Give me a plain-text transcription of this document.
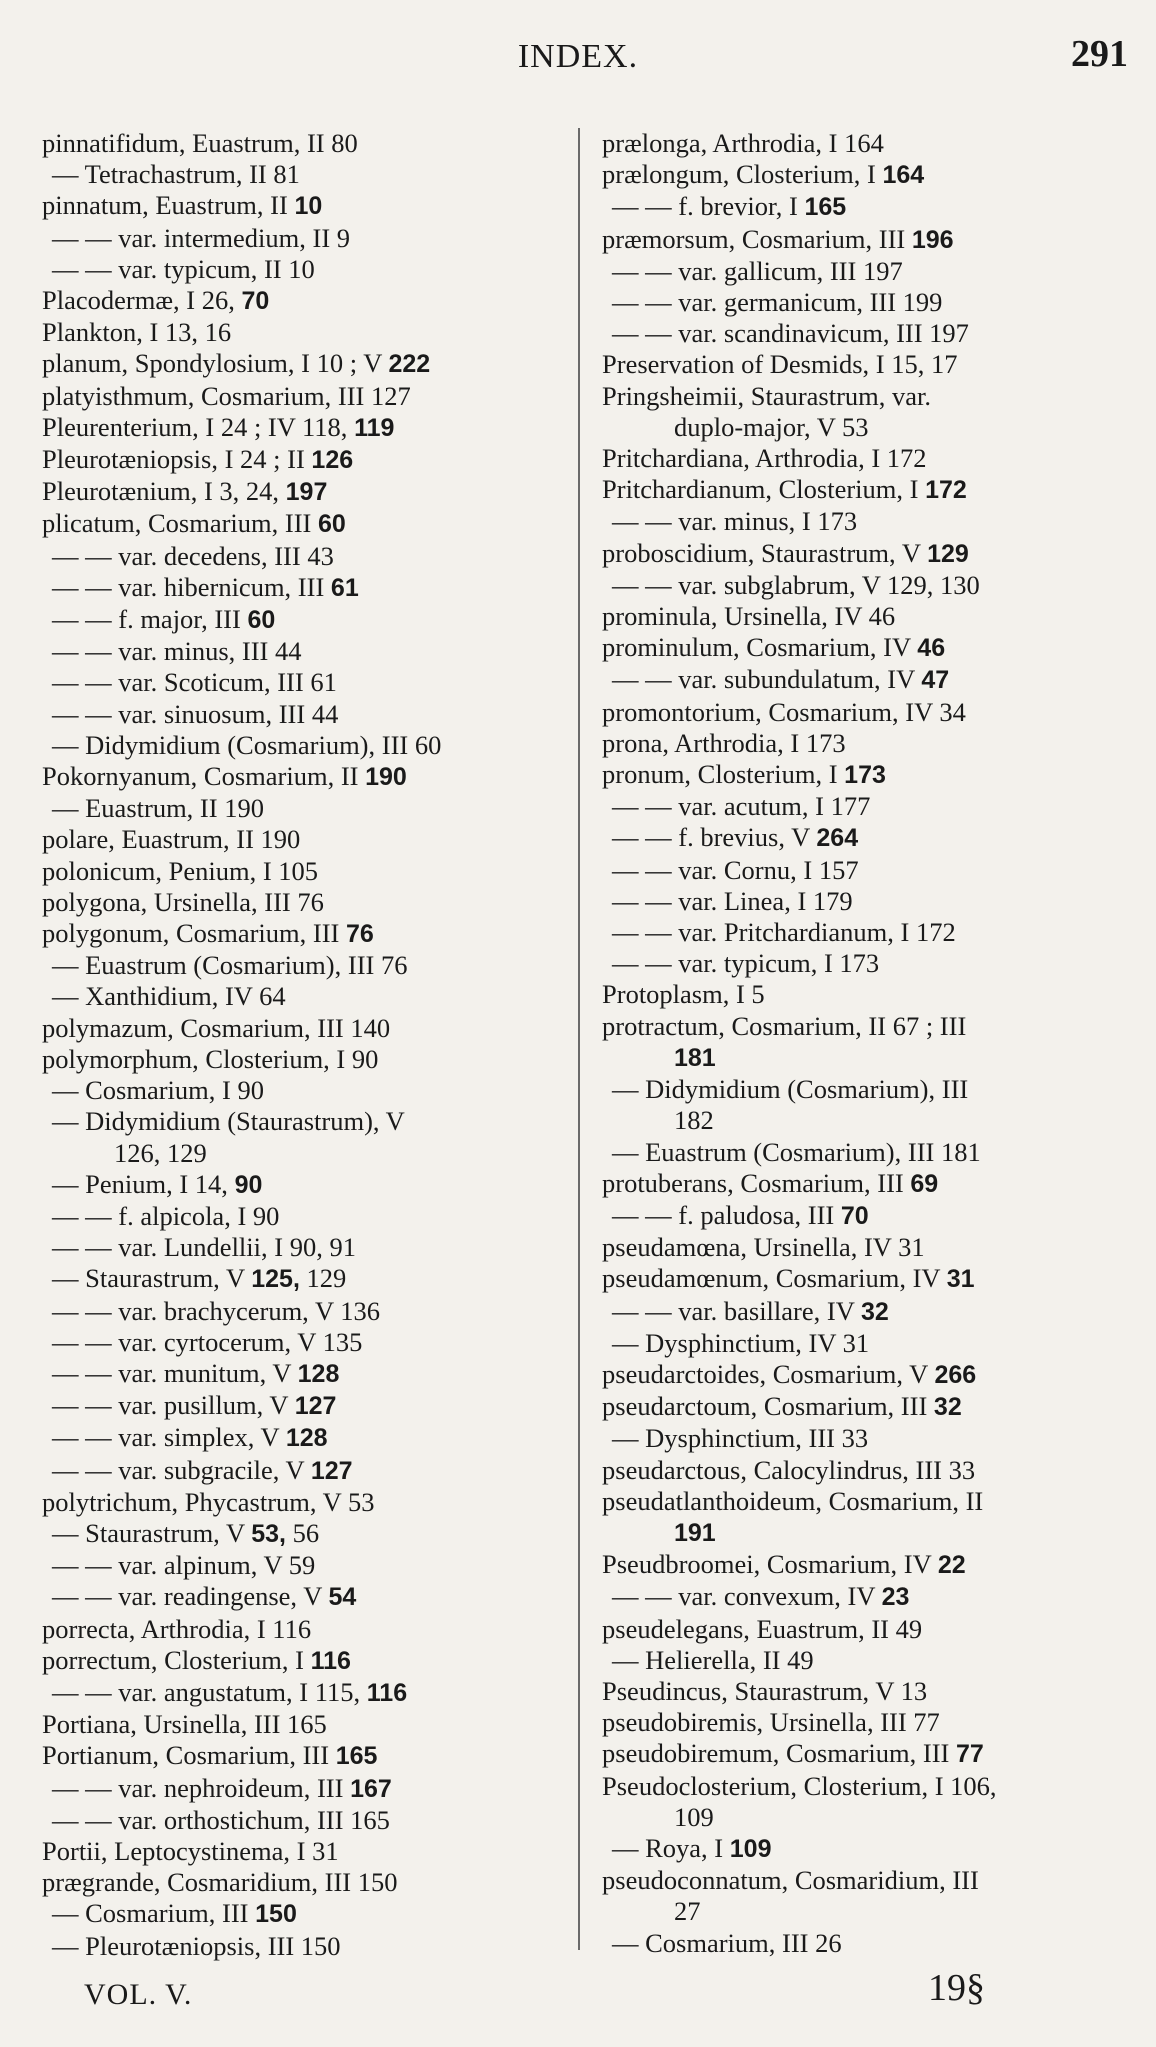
INDEX.	291
pinnatifidum, Euastrum, II 80
— Tetrachastrum, II 81
pinnatum, Euastrum, II 10
— — var. intermedium, II 9
— — var. typicum, II 10
Placodermæ, I 26, 70
Plankton, I 13, 16
planum, Spondylosium, I 10 ; V 222
platyisthmum, Cosmarium, III 127
Pleurenterium, I 24 ; IV 118, 119
Pleurotæniopsis, I 24 ; II 126
Pleurotænium, I 3, 24, 197
plicatum, Cosmarium, III 60
— — var. decedens, III 43
— — var. hibernicum, III 61
— — f. major, III 60
— — var. minus, III 44
— — var. Scoticum, III 61
— — var. sinuosum, III 44
— Didymidium (Cosmarium), III 60
Pokornyanum, Cosmarium, II 190
— Euastrum, II 190
polare, Euastrum, II 190
polonicum, Penium, I 105
polygona, Ursinella, III 76
polygonum, Cosmarium, III 76
— Euastrum (Cosmarium), III 76
— Xanthidium, IV 64
polymazum, Cosmarium, III 140
polymorphum, Closterium, I 90
— Cosmarium, I 90
— Didymidium (Staurastrum), V
126, 129
— Penium, I 14, 90
— — f. alpicola, I 90
— — var. Lundellii, I 90, 91
— Staurastrum, V 125, 129
— — var. brachycerum, V 136
— — var. cyrtocerum, V 135
— — var. munitum, V 128
— — var. pusillum, V 127
— — var. simplex, V 128
— — var. subgracile, V 127
polytrichum, Phycastrum, V 53
— Staurastrum, V 53, 56
— — var. alpinum, V 59
— — var. readingense, V 54
porrecta, Arthrodia, I 116
porrectum, Closterium, I 116
— — var. angustatum, I 115, 116
Portiana, Ursinella, III 165
Portianum, Cosmarium, III 165
— — var. nephroideum, III 167
— — var. orthostichum, III 165
Portii, Leptocystinema, I 31
prægrande, Cosmaridium, III 150
— Cosmarium, III 150
— Pleurotæniopsis, III 150
prælonga, Arthrodia, I 164
prælongum, Closterium, I 164
— — f. brevior, I 165
præmorsum, Cosmarium, III 196
— — var. gallicum, III 197
— — var. germanicum, III 199
— — var. scandinavicum, III 197
Preservation of Desmids, I 15, 17
Pringsheimii, Staurastrum, var.
duplo-major, V 53
Pritchardiana, Arthrodia, I 172
Pritchardianum, Closterium, I 172
— — var. minus, I 173
proboscidium, Staurastrum, V 129
— — var. subglabrum, V 129, 130
prominula, Ursinella, IV 46
prominulum, Cosmarium, IV 46
— — var. subundulatum, IV 47
promontorium, Cosmarium, IV 34
prona, Arthrodia, I 173
pronum, Closterium, I 173
— — var. acutum, I 177
— — f. brevius, V 264
— — var. Cornu, I 157
— — var. Linea, I 179
— — var. Pritchardianum, I 172
— — var. typicum, I 173
Protoplasm, I 5
protractum, Cosmarium, II 67 ; III
181
— Didymidium (Cosmarium), III
182
— Euastrum (Cosmarium), III 181
protuberans, Cosmarium, III 69
— — f. paludosa, III 70
pseudamœna, Ursinella, IV 31
pseudamœnum, Cosmarium, IV 31
— — var. basillare, IV 32
— Dysphinctium, IV 31
pseudarctoides, Cosmarium, V 266
pseudarctoum, Cosmarium, III 32
— Dysphinctium, III 33
pseudarctous, Calocylindrus, III 33
pseudatlanthoideum, Cosmarium, II
191
Pseudbroomei, Cosmarium, IV 22
— — var. convexum, IV 23
pseudelegans, Euastrum, II 49
— Helierella, II 49
Pseudincus, Staurastrum, V 13
pseudobiremis, Ursinella, III 77
pseudobiremum, Cosmarium, III 77
Pseudoclosterium, Closterium, I 106,
109
— Roya, I 109
pseudoconnatum, Cosmaridium, III
27
— Cosmarium, III 26
VOL. V.	19§
